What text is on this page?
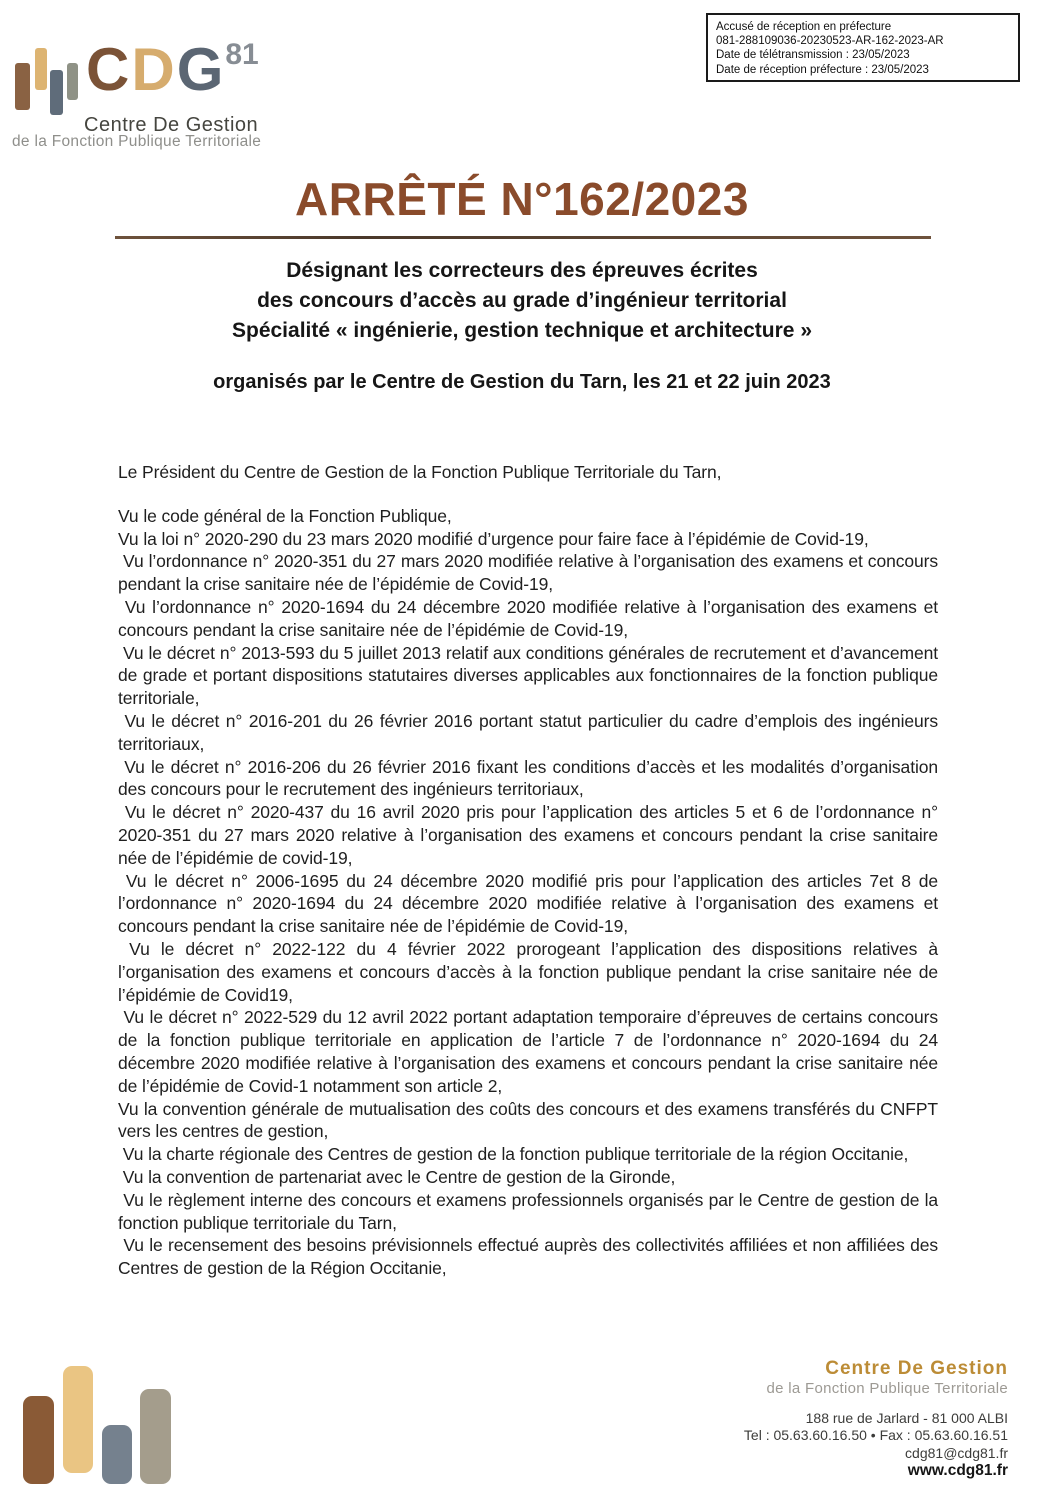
CDG$^{81}$
Centre De Gestion
de la Fonction Publique Territoriale
Accusé de réception en préfecture
081-288109036-20230523-AR-162-2023-AR
Date de télétransmission : 23/05/2023
Date de réception préfecture : 23/05/2023
ARRÊTÉ N°162/2023
Désignant les correcteurs des épreuves écrites
des concours d’accès au grade d’ingénieur territorial
Spécialité « ingénierie, gestion technique et architecture »
organisés par le Centre de Gestion du Tarn, les 21 et 22 juin 2023

Le Président du Centre de Gestion de la Fonction Publique Territoriale du Tarn,

Vu le code général de la Fonction Publique,

Vu la loi n° 2020-290 du 23 mars 2020 modifié d’urgence pour faire face à l’épidémie de Covid-19,

Vu l’ordonnance n° 2020-351 du 27 mars 2020 modifiée relative à l’organisation des examens et concours pendant la crise sanitaire née de l’épidémie de Covid-19,

Vu l’ordonnance n° 2020-1694 du 24 décembre 2020 modifiée relative à l’organisation des examens et concours pendant la crise sanitaire née de l’épidémie de Covid-19,

Vu le décret n° 2013-593 du 5 juillet 2013 relatif aux conditions générales de recrutement et d’avancement de grade et portant dispositions statutaires diverses applicables aux fonctionnaires de la fonction publique territoriale,

Vu le décret n° 2016-201 du 26 février 2016 portant statut particulier du cadre d’emplois des ingénieurs territoriaux,

Vu le décret n° 2016-206 du 26 février 2016 fixant les conditions d’accès et les modalités d’organisation des concours pour le recrutement des ingénieurs territoriaux,

Vu le décret n° 2020-437 du 16 avril 2020 pris pour l’application des articles 5 et 6 de l’ordonnance n° 2020-351 du 27 mars 2020 relative à l’organisation des examens et concours pendant la crise sanitaire née de l’épidémie de covid-19,

Vu le décret n° 2006-1695 du 24 décembre 2020 modifié pris pour l’application des articles 7et 8 de l’ordonnance n° 2020-1694 du 24 décembre 2020 modifiée relative à l’organisation des examens et concours pendant la crise sanitaire née de l’épidémie de Covid-19,

Vu le décret n° 2022-122 du 4 février 2022 prorogeant l’application des dispositions relatives à l’organisation des examens et concours d’accès à la fonction publique pendant la crise sanitaire née de l’épidémie de Covid19,

Vu le décret n° 2022-529 du 12 avril 2022 portant adaptation temporaire d’épreuves de certains concours de la fonction publique territoriale en application de l’article 7 de l’ordonnance n° 2020-1694 du 24 décembre 2020 modifiée relative à l’organisation des examens et concours pendant la crise sanitaire née de l’épidémie de Covid-1 notamment son article 2,

Vu la convention générale de mutualisation des coûts des concours et des examens transférés du CNFPT vers les centres de gestion,

Vu la charte régionale des Centres de gestion de la fonction publique territoriale de la région Occitanie,

Vu la convention de partenariat avec le Centre de gestion de la Gironde,

Vu le règlement interne des concours et examens professionnels organisés par le Centre de gestion de la fonction publique territoriale du Tarn,

Vu le recensement des besoins prévisionnels effectué auprès des collectivités affiliées et non affiliées des Centres de gestion de la Région Occitanie,

Centre De Gestion
de la Fonction Publique Territoriale
188 rue de Jarlard - 81 000 ALBI
Tel : 05.63.60.16.50 • Fax : 05.63.60.16.51
cdg81@cdg81.fr
www.cdg81.fr
